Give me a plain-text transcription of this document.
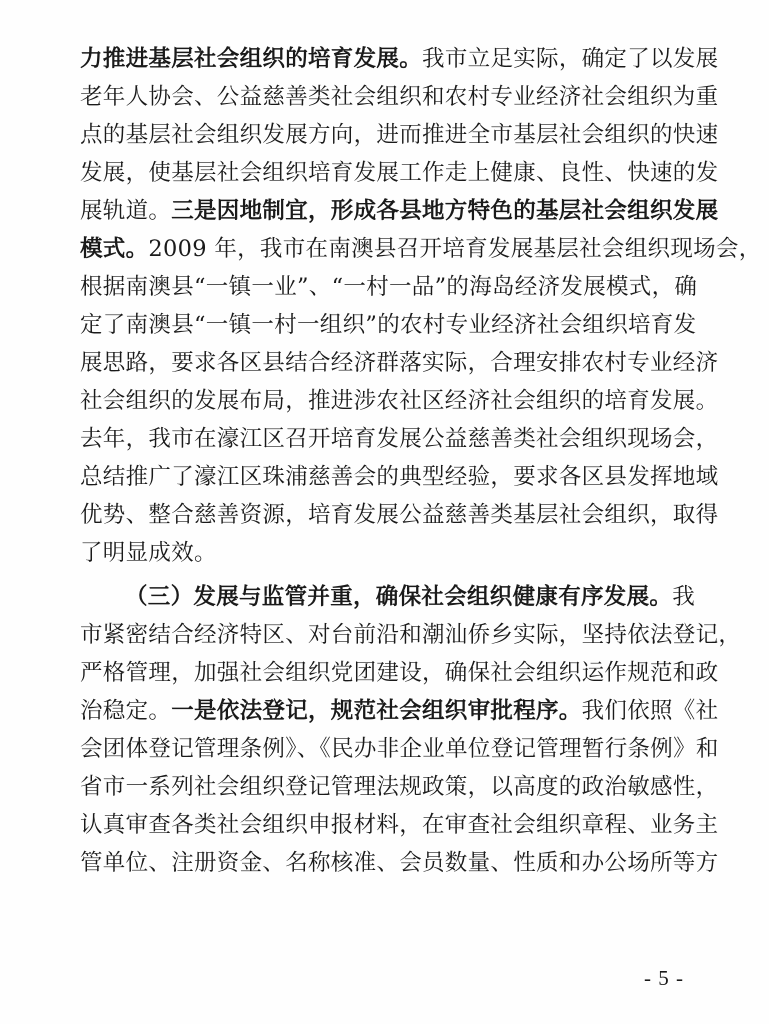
力推进基层社会组织的培育发展。我市立足实际，确定了以发展
老年人协会、公益慈善类社会组织和农村专业经济社会组织为重
点的基层社会组织发展方向，进而推进全市基层社会组织的快速
发展，使基层社会组织培育发展工作走上健康、良性、快速的发
展轨道。三是因地制宜，形成各县地方特色的基层社会组织发展
模式。2009 年，我市在南澳县召开培育发展基层社会组织现场会，
根据南澳县“一镇一业”、“一村一品”的海岛经济发展模式，确
定了南澳县“一镇一村一组织”的农村专业经济社会组织培育发
展思路，要求各区县结合经济群落实际，合理安排农村专业经济
社会组织的发展布局，推进涉农社区经济社会组织的培育发展。
去年，我市在濠江区召开培育发展公益慈善类社会组织现场会，
总结推广了濠江区珠浦慈善会的典型经验，要求各区县发挥地域
优势、整合慈善资源，培育发展公益慈善类基层社会组织，取得
了明显成效。
（三）发展与监管并重，确保社会组织健康有序发展。我
市紧密结合经济特区、对台前沿和潮汕侨乡实际，坚持依法登记，
严格管理，加强社会组织党团建设，确保社会组织运作规范和政
治稳定。一是依法登记，规范社会组织审批程序。我们依照《社
会团体登记管理条例》、《民办非企业单位登记管理暂行条例》和
省市一系列社会组织登记管理法规政策，以高度的政治敏感性，
认真审查各类社会组织申报材料，在审查社会组织章程、业务主
管单位、注册资金、名称核准、会员数量、性质和办公场所等方
- 5 -
